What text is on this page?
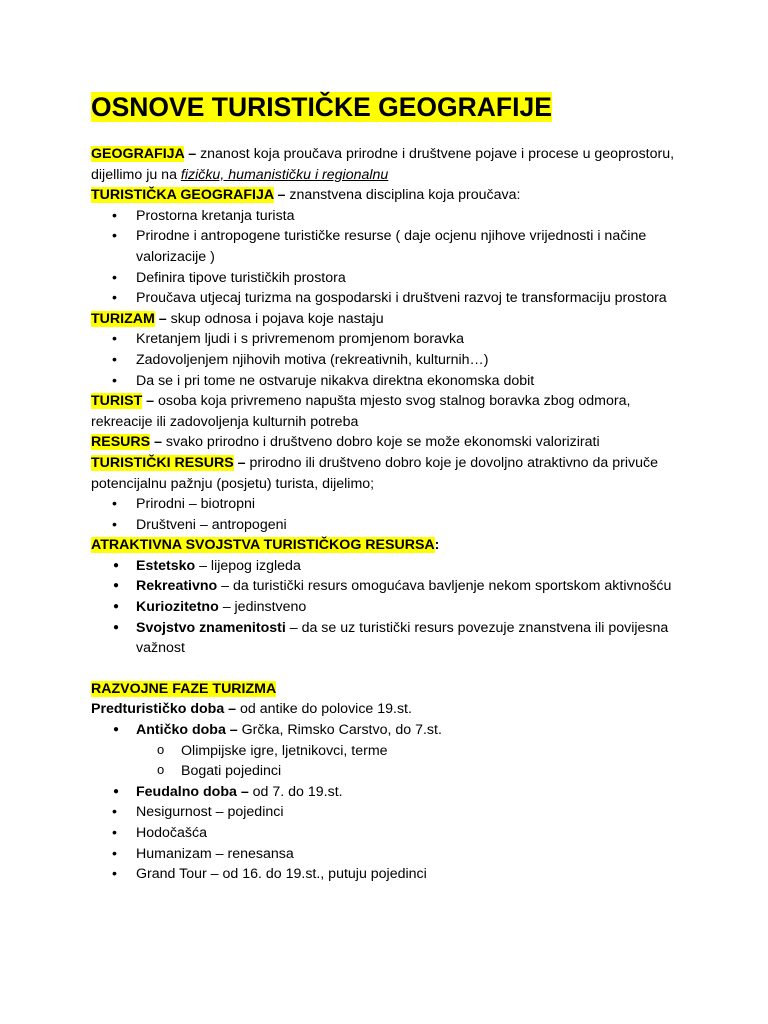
OSNOVE TURISTIČKE GEOGRAFIJE

GEOGRAFIJA – znanost koja proučava prirodne i društvene pojave i procese u geoprostoru, dijellimo ju na fizičku, humanističku i regionalnu

TURISTIČKA GEOGRAFIJA – znanstvena disciplina koja proučava:

• Prostorna kretanja turista
• Prirodne i antropogene turističke resurse ( daje ocjenu njihove vrijednosti i načine valorizacije )
• Definira tipove turističkih prostora
• Proučava utjecaj turizma na gospodarski i društveni razvoj te transformaciju prostora

TURIZAM – skup odnosa i pojava koje nastaju

• Kretanjem ljudi i s privremenom promjenom boravka
• Zadovoljenjem njihovih motiva (rekreativnih, kulturnih…)
• Da se i pri tome ne ostvaruje nikakva direktna ekonomska dobit

TURIST – osoba koja privremeno napušta mjesto svog stalnog boravka zbog odmora, rekreacije ili zadovoljenja kulturnih potreba

RESURS – svako prirodno i društveno dobro koje se može ekonomski valorizirati

TURISTIČKI RESURS – prirodno ili društveno dobro koje je dovoljno atraktivno da privuče potencijalnu pažnju (posjetu) turista, dijelimo;

• Prirodni – biotropni
• Društveni – antropogeni

ATRAKTIVNA SVOJSTVA TURISTIČKOG RESURSA:

● Estetsko – lijepog izgleda
● Rekreativno – da turistički resurs omogućava bavljenje nekom sportskom aktivnošću
● Kuriozitetno – jedinstveno
● Svojstvo znamenitosti – da se uz turistički resurs povezuje znanstvena ili povijesna važnost

RAZVOJNE FAZE TURIZMA

Predturističko doba – od antike do polovice 19.st.

● Antičko doba – Grčka, Rimsko Carstvo, do 7.st.
o Olimpijske igre, ljetnikovci, terme
o Bogati pojedinci
● Feudalno doba – od 7. do 19.st.
• Nesigurnost – pojedinci
• Hodočašća
• Humanizam – renesansa
• Grand Tour – od 16. do 19.st., putuju pojedinci
